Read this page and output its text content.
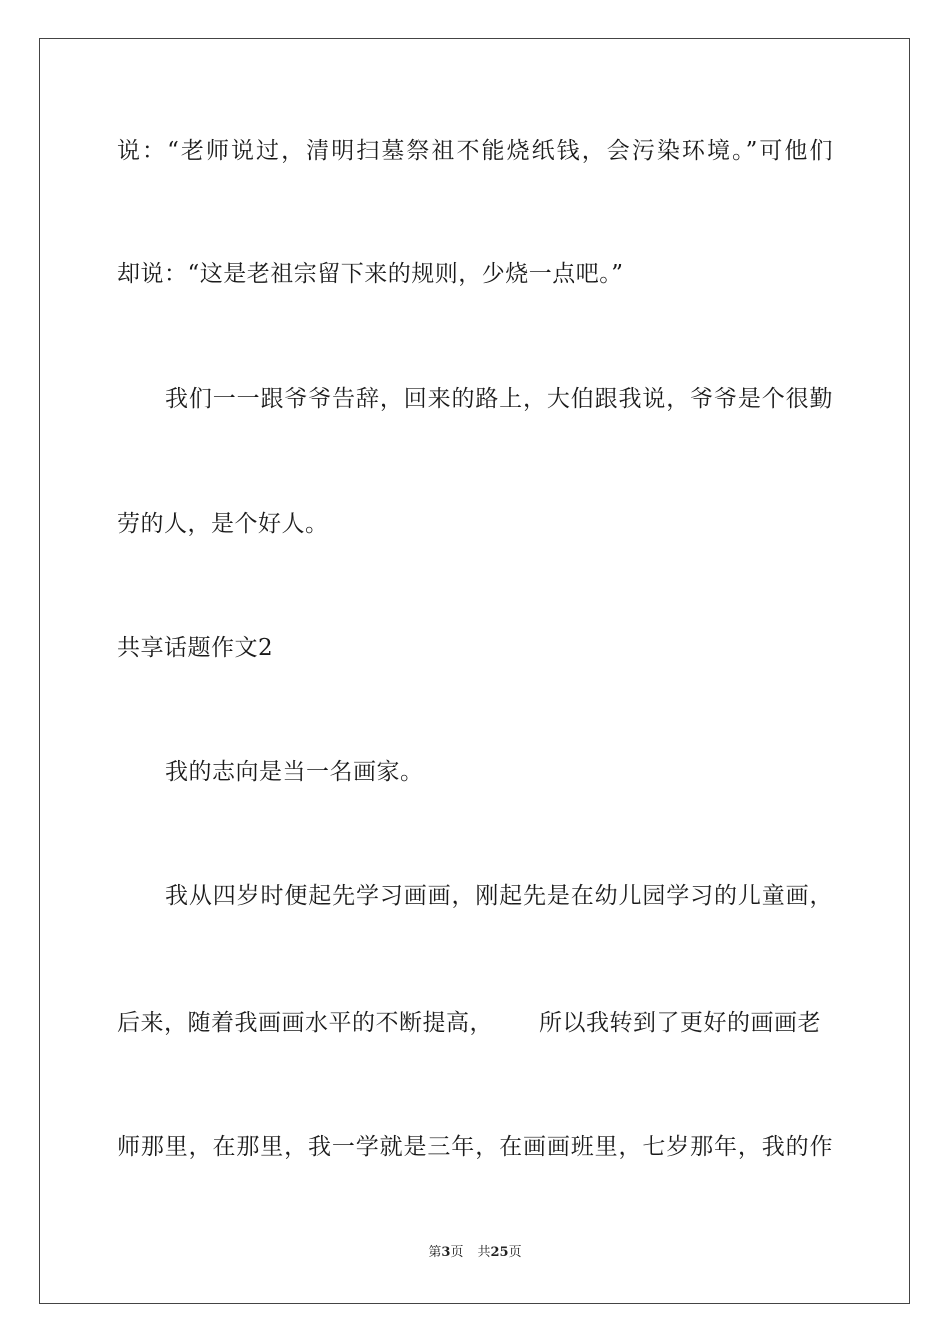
说：“老师说过，清明扫墓祭祖不能烧纸钱，会污染环境。”可他们
却说：“这是老祖宗留下来的规则，少烧一点吧。”
我们一一跟爷爷告辞，回来的路上，大伯跟我说，爷爷是个很勤
劳的人，是个好人。
共享话题作文2
我的志向是当一名画家。
我从四岁时便起先学习画画，刚起先是在幼儿园学习的儿童画，
后来，随着我画画水平的不断提高， 所以我转到了更好的画画老
师那里，在那里，我一学就是三年，在画画班里，七岁那年，我的作
第3页 共25页
